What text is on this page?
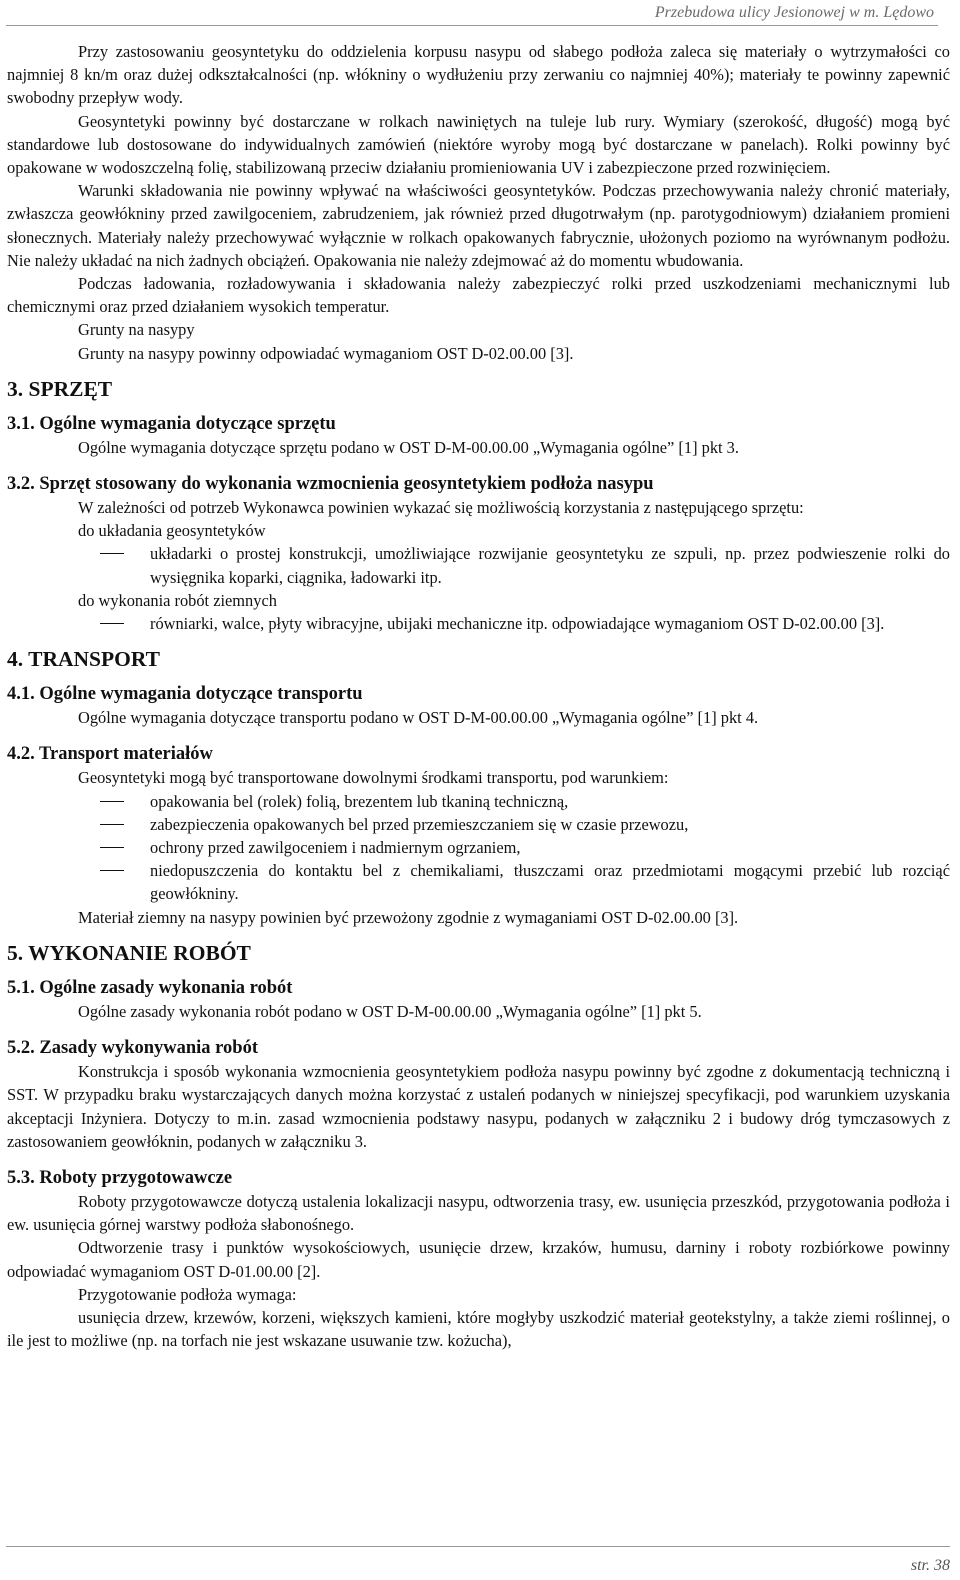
Przebudowa ulicy Jesionowej w m. Lędowo

Przy zastosowaniu geosyntetyku do oddzielenia korpusu nasypu od słabego podłoża zaleca się materiały o wytrzymałości co najmniej 8 kn/m oraz dużej odkształcalności (np. włókniny o wydłużeniu przy zerwaniu co najmniej 40%); materiały te powinny zapewnić swobodny przepływ wody.

Geosyntetyki powinny być dostarczane w rolkach nawiniętych na tuleje lub rury. Wymiary (szerokość, długość) mogą być standardowe lub dostosowane do indywidualnych zamówień (niektóre wyroby mogą być dostarczane w panelach). Rolki powinny być opakowane w wodoszczelną folię, stabilizowaną przeciw działaniu promieniowania UV i zabezpieczone przed rozwinięciem.

Warunki składowania nie powinny wpływać na właściwości geosyntetyków. Podczas przechowywania należy chronić materiały, zwłaszcza geowłókniny przed zawilgoceniem, zabrudzeniem, jak również przed długotrwałym (np. parotygodniowym) działaniem promieni słonecznych. Materiały należy przechowywać wyłącznie w rolkach opakowanych fabrycznie, ułożonych poziomo na wyrównanym podłożu. Nie należy układać na nich żadnych obciążeń. Opakowania nie należy zdejmować aż do momentu wbudowania.

Podczas ładowania, rozładowywania i składowania należy zabezpieczyć rolki przed uszkodzeniami mechanicznymi lub chemicznymi oraz przed działaniem wysokich temperatur.

Grunty na nasypy

Grunty na nasypy powinny odpowiadać wymaganiom OST D-02.00.00 [3].

3. SPRZĘT
3.1. Ogólne wymagania dotyczące sprzętu

Ogólne wymagania dotyczące sprzętu podano w OST D-M-00.00.00 „Wymagania ogólne” [1] pkt 3.

3.2. Sprzęt stosowany do wykonania wzmocnienia geosyntetykiem podłoża nasypu

W zależności od potrzeb Wykonawca powinien wykazać się możliwością korzystania z następującego sprzętu:

do układania geosyntetyków

układarki o prostej konstrukcji, umożliwiające rozwijanie geosyntetyku ze szpuli, np. przez podwieszenie rolki do wysięgnika koparki, ciągnika, ładowarki itp.

do wykonania robót ziemnych

równiarki, walce, płyty wibracyjne, ubijaki mechaniczne itp. odpowiadające wymaganiom OST D-02.00.00 [3].

4. TRANSPORT
4.1. Ogólne wymagania dotyczące transportu

Ogólne wymagania dotyczące transportu podano w OST D-M-00.00.00 „Wymagania ogólne” [1] pkt 4.

4.2. Transport materiałów

Geosyntetyki mogą być transportowane dowolnymi środkami transportu, pod warunkiem:

opakowania bel (rolek) folią, brezentem lub tkaniną techniczną,

zabezpieczenia opakowanych bel przed przemieszczaniem się w czasie przewozu,

ochrony przed zawilgoceniem i nadmiernym ogrzaniem,

niedopuszczenia do kontaktu bel z chemikaliami, tłuszczami oraz przedmiotami mogącymi przebić lub rozciąć geowłókniny.

Materiał ziemny na nasypy powinien być przewożony zgodnie z wymaganiami OST D-02.00.00 [3].

5. WYKONANIE ROBÓT
5.1. Ogólne zasady wykonania robót

Ogólne zasady wykonania robót podano w OST D-M-00.00.00 „Wymagania ogólne” [1] pkt 5.

5.2. Zasady wykonywania robót

Konstrukcja i sposób wykonania wzmocnienia geosyntetykiem podłoża nasypu powinny być zgodne z dokumentacją techniczną i SST. W przypadku braku wystarczających danych można korzystać z ustaleń podanych w niniejszej specyfikacji, pod warunkiem uzyskania akceptacji Inżyniera. Dotyczy to m.in. zasad wzmocnienia podstawy nasypu, podanych w załączniku 2 i budowy dróg tymczasowych z zastosowaniem geowłóknin, podanych w załączniku 3.

5.3. Roboty przygotowawcze

Roboty przygotowawcze dotyczą ustalenia lokalizacji nasypu, odtworzenia trasy, ew. usunięcia przeszkód, przygotowania podłoża i ew. usunięcia górnej warstwy podłoża słabonośnego.

Odtworzenie trasy i punktów wysokościowych, usunięcie drzew, krzaków, humusu, darniny i roboty rozbiórkowe powinny odpowiadać wymaganiom OST D-01.00.00 [2].

Przygotowanie podłoża wymaga:

usunięcia drzew, krzewów, korzeni, większych kamieni, które mogłyby uszkodzić materiał geotekstylny, a także ziemi roślinnej, o ile jest to możliwe (np. na torfach nie jest wskazane usuwanie tzw. kożucha),

str. 38
